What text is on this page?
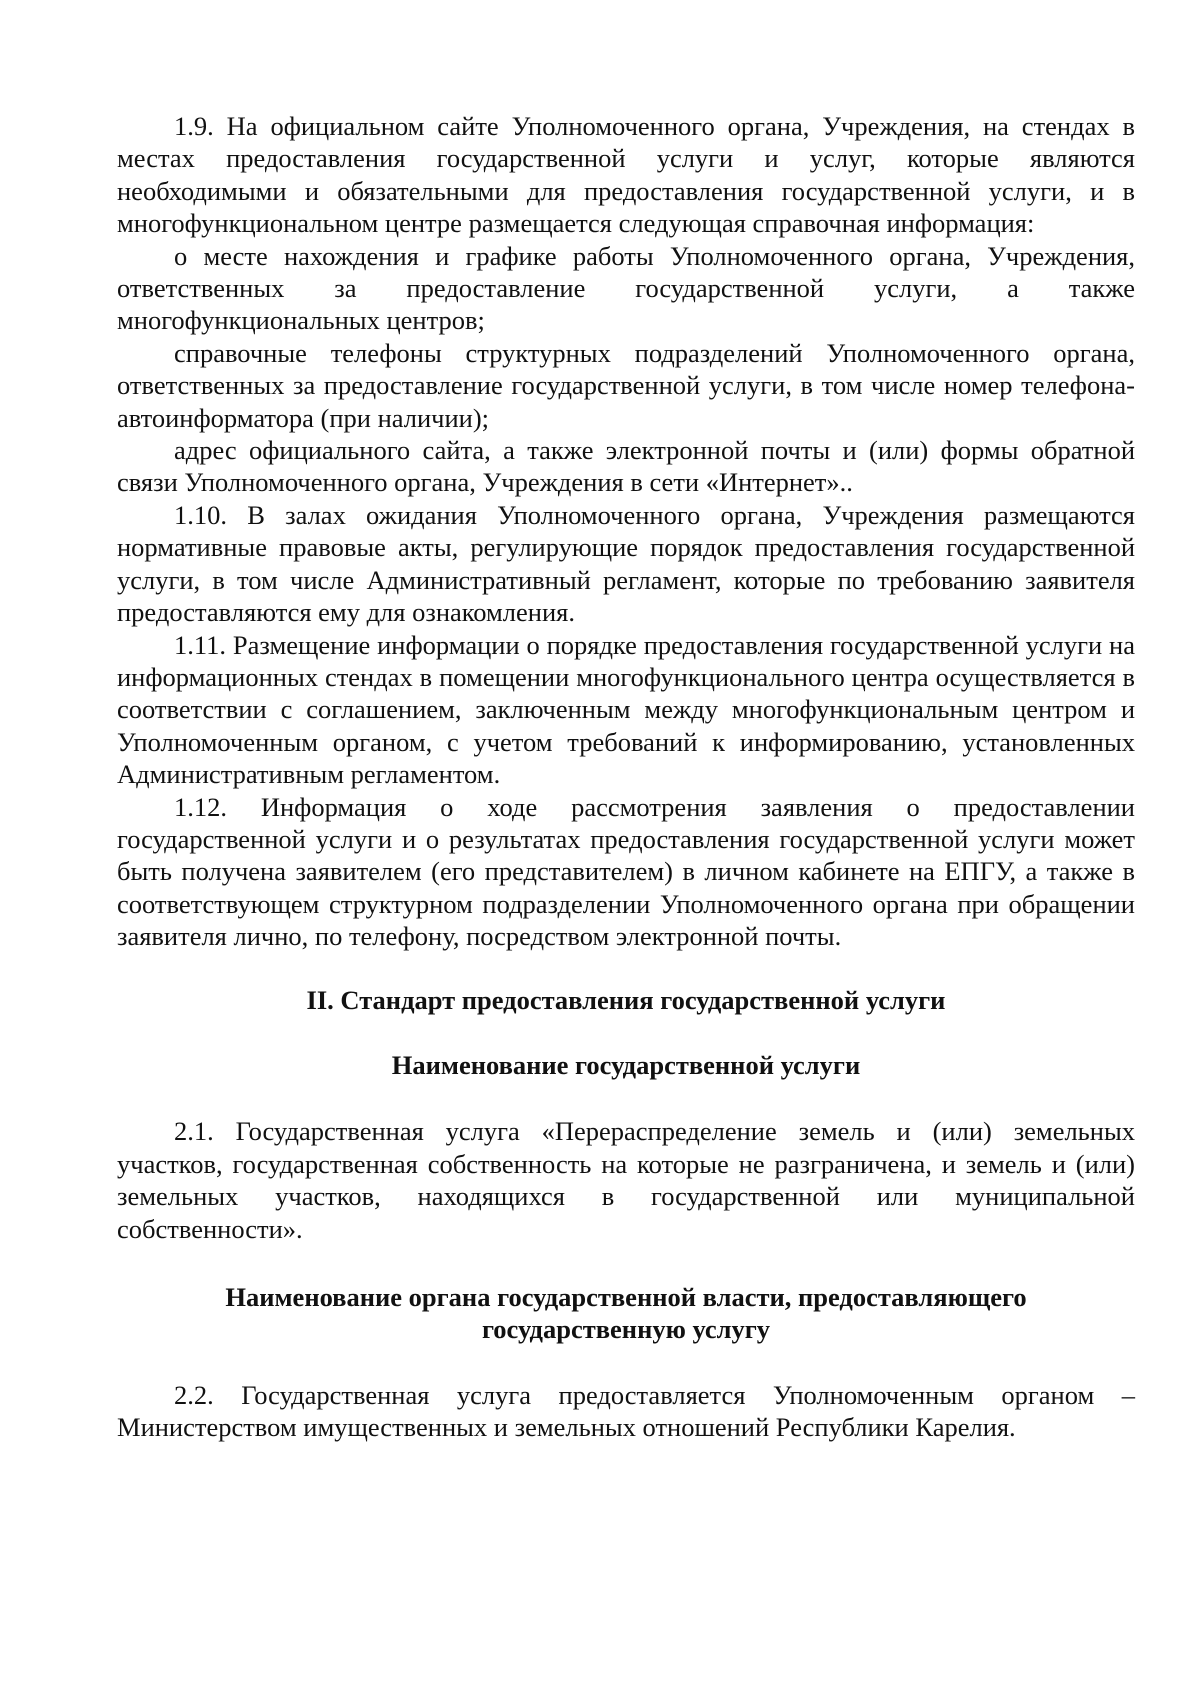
1.9. На официальном сайте Уполномоченного органа, Учреждения, на стендах в местах предоставления государственной услуги и услуг, которые являются необходимыми и обязательными для предоставления государственной услуги, и в многофункциональном центре размещается следующая справочная информация:

о месте нахождения и графике работы Уполномоченного органа, Учреждения, ответственных за предоставление государственной услуги, а также многофункциональных центров;

справочные телефоны структурных подразделений Уполномоченного органа, ответственных за предоставление государственной услуги, в том числе номер телефона-автоинформатора (при наличии);

адрес официального сайта, а также электронной почты и (или) формы обратной связи Уполномоченного органа, Учреждения в сети «Интернет»..

1.10. В залах ожидания Уполномоченного органа, Учреждения размещаются нормативные правовые акты, регулирующие порядок предоставления государственной услуги, в том числе Административный регламент, которые по требованию заявителя предоставляются ему для ознакомления.

1.11. Размещение информации о порядке предоставления государственной услуги на информационных стендах в помещении многофункционального центра осуществляется в соответствии с соглашением, заключенным между многофункциональным центром и Уполномоченным органом, с учетом требований к информированию, установленных Административным регламентом.

1.12. Информация о ходе рассмотрения заявления о предоставлении государственной услуги и о результатах предоставления государственной услуги может быть получена заявителем (его представителем) в личном кабинете на ЕПГУ, а также в соответствующем структурном подразделении Уполномоченного органа при обращении заявителя лично, по телефону, посредством электронной почты.

II. Стандарт предоставления государственной услуги
Наименование государственной услуги

2.1. Государственная услуга «Перераспределение земель и (или) земельных участков, государственная собственность на которые не разграничена, и земель и (или) земельных участков, находящихся в государственной или муниципальной собственности».

Наименование органа государственной власти, предоставляющего
государственную услугу

2.2. Государственная услуга предоставляется Уполномоченным органом – Министерством имущественных и земельных отношений Республики Карелия.
